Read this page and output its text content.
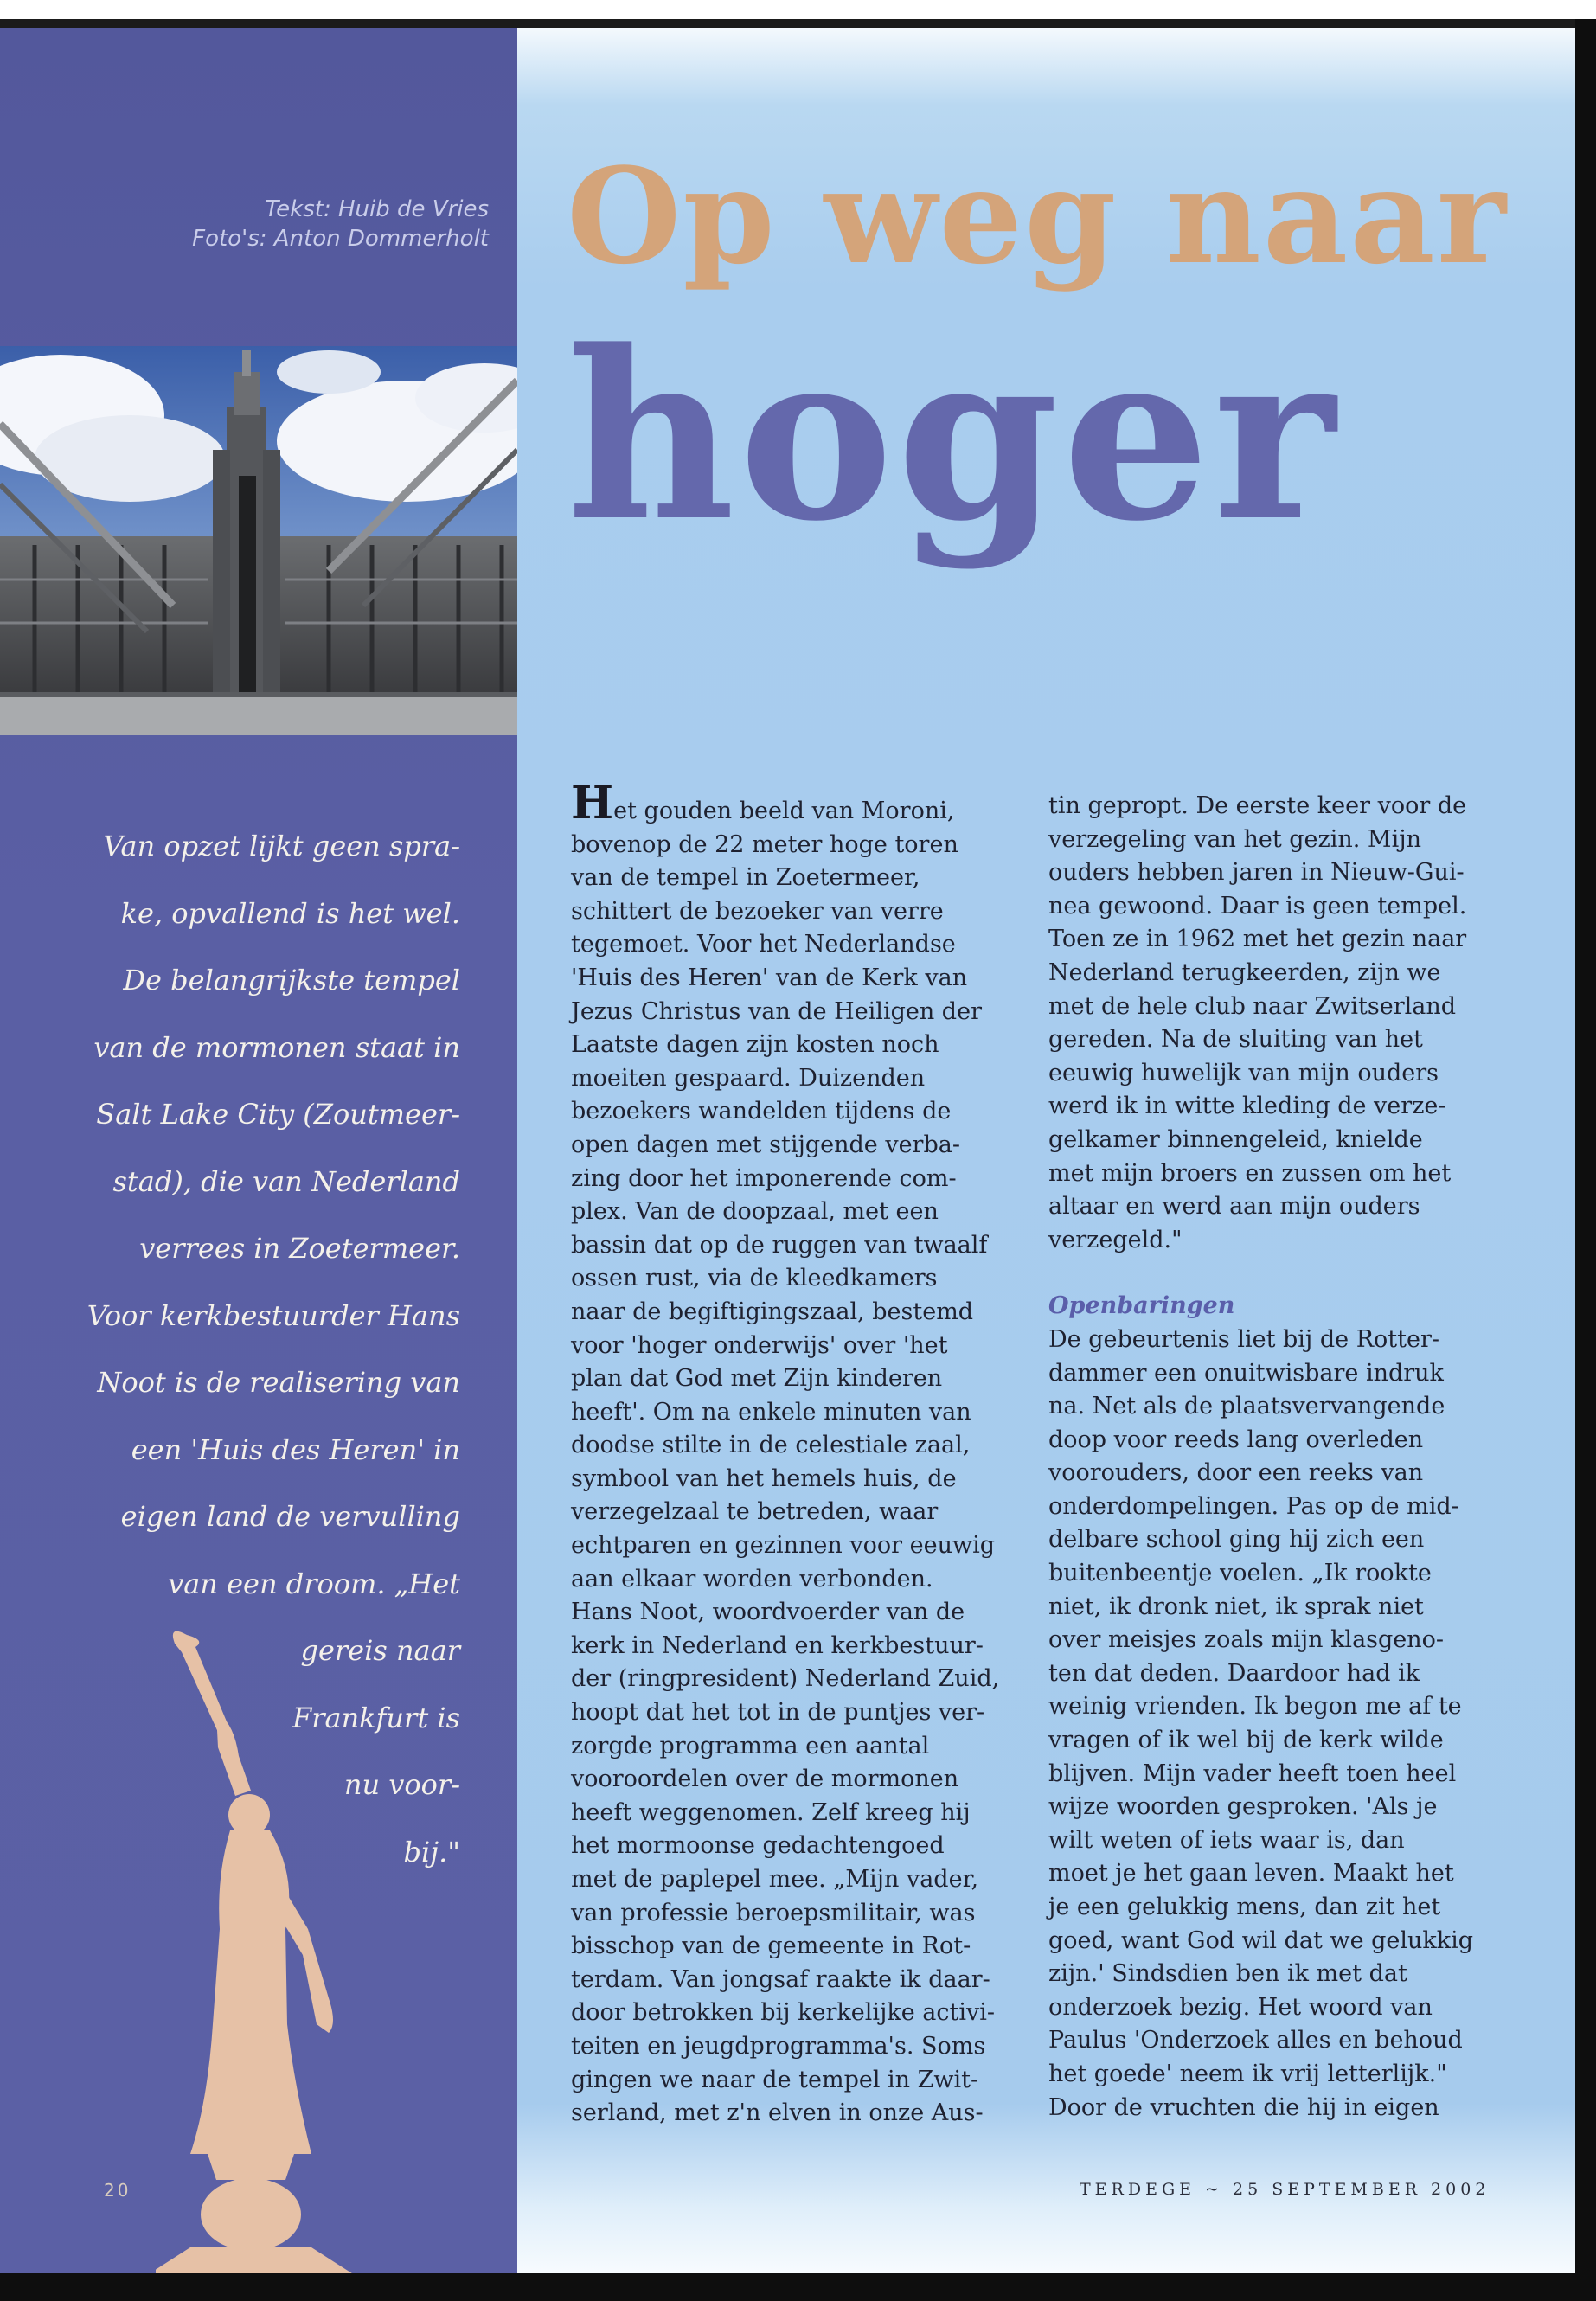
Tekst: Huib de Vries
Foto's: Anton Dommerholt
Van opzet lijkt geen spra-
ke, opvallend is het wel.
De belangrijkste tempel
van de mormonen staat in
Salt Lake City (Zoutmeer-
stad), die van Nederland
verrees in Zoetermeer.
Voor kerkbestuurder Hans
Noot is de realisering van
een 'Huis des Heren' in
eigen land de vervulling
van een droom. „Het
gereis naar
Frankfurt is
nu voor-
bij."
20
Op weg naar
hoger
Het gouden beeld van Moroni,
bovenop de 22 meter hoge toren
van de tempel in Zoetermeer,
schittert de bezoeker van verre
tegemoet. Voor het Nederlandse
'Huis des Heren' van de Kerk van
Jezus Christus van de Heiligen der
Laatste dagen zijn kosten noch
moeiten gespaard. Duizenden
bezoekers wandelden tijdens de
open dagen met stijgende verba-
zing door het imponerende com-
plex. Van de doopzaal, met een
bassin dat op de ruggen van twaalf
ossen rust, via de kleedkamers
naar de begiftigingszaal, bestemd
voor 'hoger onderwijs' over 'het
plan dat God met Zijn kinderen
heeft'. Om na enkele minuten van
doodse stilte in de celestiale zaal,
symbool van het hemels huis, de
verzegelzaal te betreden, waar
echtparen en gezinnen voor eeuwig
aan elkaar worden verbonden.
Hans Noot, woordvoerder van de
kerk in Nederland en kerkbestuur-
der (ringpresident) Nederland Zuid,
hoopt dat het tot in de puntjes ver-
zorgde programma een aantal
vooroordelen over de mormonen
heeft weggenomen. Zelf kreeg hij
het mormoonse gedachtengoed
met de paplepel mee. „Mijn vader,
van professie beroepsmilitair, was
bisschop van de gemeente in Rot-
terdam. Van jongsaf raakte ik daar-
door betrokken bij kerkelijke activi-
teiten en jeugdprogramma's. Soms
gingen we naar de tempel in Zwit-
serland, met z'n elven in onze Aus-
tin gepropt. De eerste keer voor de
verzegeling van het gezin. Mijn
ouders hebben jaren in Nieuw-Gui-
nea gewoond. Daar is geen tempel.
Toen ze in 1962 met het gezin naar
Nederland terugkeerden, zijn we
met de hele club naar Zwitserland
gereden. Na de sluiting van het
eeuwig huwelijk van mijn ouders
werd ik in witte kleding de verze-
gelkamer binnengeleid, knielde
met mijn broers en zussen om het
altaar en werd aan mijn ouders
verzegeld."
Openbaringen
De gebeurtenis liet bij de Rotter-
dammer een onuitwisbare indruk
na. Net als de plaatsvervangende
doop voor reeds lang overleden
voorouders, door een reeks van
onderdompelingen. Pas op de mid-
delbare school ging hij zich een
buitenbeentje voelen. „Ik rookte
niet, ik dronk niet, ik sprak niet
over meisjes zoals mijn klasgeno-
ten dat deden. Daardoor had ik
weinig vrienden. Ik begon me af te
vragen of ik wel bij de kerk wilde
blijven. Mijn vader heeft toen heel
wijze woorden gesproken. 'Als je
wilt weten of iets waar is, dan
moet je het gaan leven. Maakt het
je een gelukkig mens, dan zit het
goed, want God wil dat we gelukkig
zijn.' Sindsdien ben ik met dat
onderzoek bezig. Het woord van
Paulus 'Onderzoek alles en behoud
het goede' neem ik vrij letterlijk."
Door de vruchten die hij in eigen
TERDEGE ~ 25 SEPTEMBER 2002
